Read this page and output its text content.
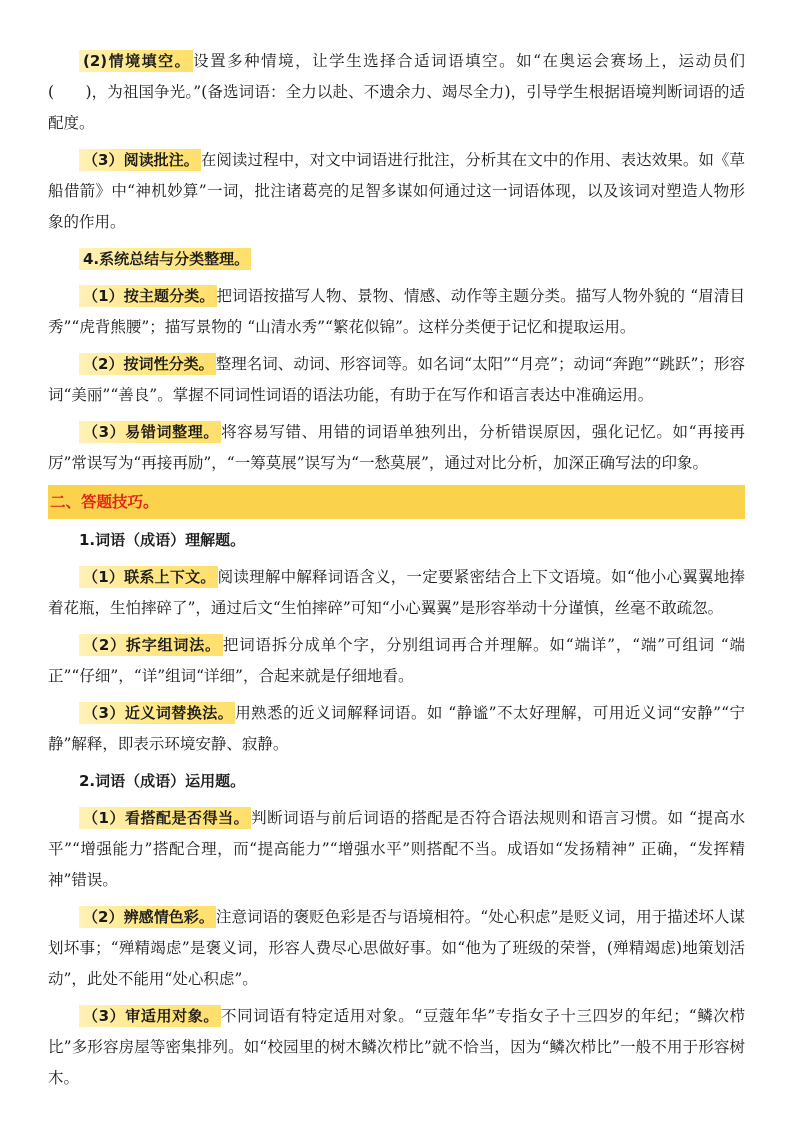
(2)情境填空。 设置多种情境，让学生选择合适词语填空。如“在奥运会赛场上，运动员们(　　)，为祖国争光。”(备选词语：全力以赴、不遗余力、竭尽全力)，引导学生根据语境判断词语的适配度。

（3）阅读批注。 在阅读过程中，对文中词语进行批注，分析其在文中的作用、表达效果。如《草船借箭》中“神机妙算”一词，批注诸葛亮的足智多谋如何通过这一词语体现，以及该词对塑造人物形象的作用。

4.系统总结与分类整理。

（1）按主题分类。 把词语按描写人物、景物、情感、动作等主题分类。描写人物外貌的 “眉清目秀”“虎背熊腰”；描写景物的 “山清水秀”“繁花似锦”。这样分类便于记忆和提取运用。

（2）按词性分类。 整理名词、动词、形容词等。如名词“太阳”“月亮”；动词“奔跑”“跳跃”；形容词“美丽”“善良”。掌握不同词性词语的语法功能，有助于在写作和语言表达中准确运用。

（3）易错词整理。 将容易写错、用错的词语单独列出，分析错误原因，强化记忆。如“再接再厉”常误写为“再接再励”，“一筹莫展”误写为“一愁莫展”，通过对比分析，加深正确写法的印象。

二、答题技巧。

1.词语（成语）理解题。

（1）联系上下文。 阅读理解中解释词语含义，一定要紧密结合上下文语境。如“他小心翼翼地捧着花瓶，生怕摔碎了”，通过后文“生怕摔碎”可知“小心翼翼”是形容举动十分谨慎，丝毫不敢疏忽。

（2）拆字组词法。 把词语拆分成单个字，分别组词再合并理解。如“端详”，“端”可组词 “端正”“仔细”，“详”组词“详细”，合起来就是仔细地看。

（3）近义词替换法。 用熟悉的近义词解释词语。如 “静谧”不太好理解，可用近义词“安静”“宁静”解释，即表示环境安静、寂静。

2.词语（成语）运用题。

（1）看搭配是否得当。 判断词语与前后词语的搭配是否符合语法规则和语言习惯。如 “提高水平”“增强能力”搭配合理，而“提高能力”“增强水平”则搭配不当。成语如“发扬精神” 正确，“发挥精神”错误。

（2）辨感情色彩。 注意词语的褒贬色彩是否与语境相符。“处心积虑”是贬义词，用于描述坏人谋划坏事；“殚精竭虑”是褒义词，形容人费尽心思做好事。如“他为了班级的荣誉，(殚精竭虑)地策划活动”，此处不能用“处心积虑”。

（3）审适用对象。 不同词语有特定适用对象。“豆蔻年华”专指女子十三四岁的年纪；“鳞次栉比”多形容房屋等密集排列。如“校园里的树木鳞次栉比”就不恰当，因为“鳞次栉比”一般不用于形容树木。
